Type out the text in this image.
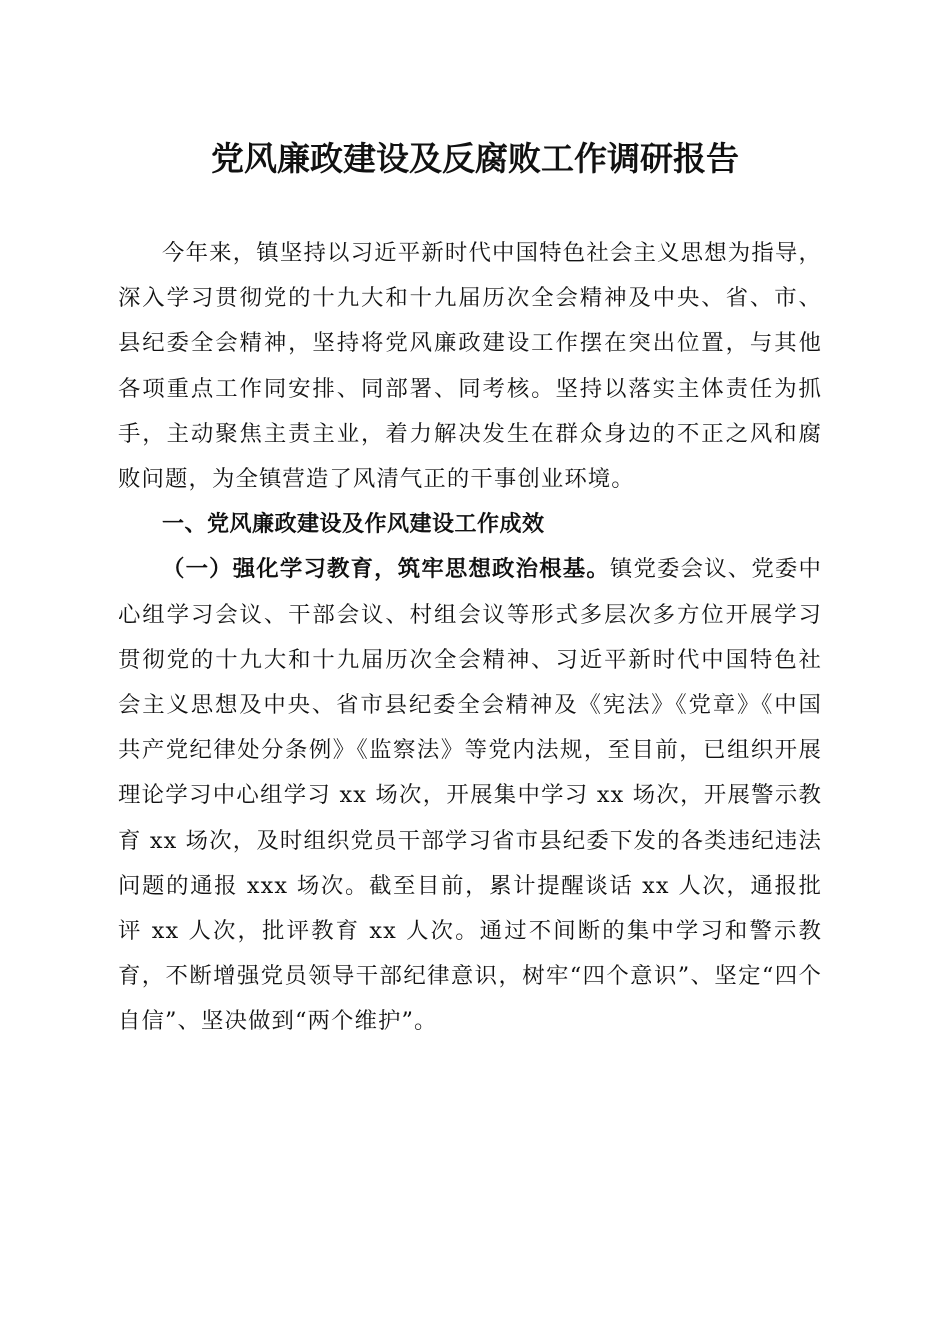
党风廉政建设及反腐败工作调研报告

今年来，镇坚持以习近平新时代中国特色社会主义思想为指导，深入学习贯彻党的十九大和十九届历次全会精神及中央、省、市、县纪委全会精神，坚持将党风廉政建设工作摆在突出位置，与其他各项重点工作同安排、同部署、同考核。坚持以落实主体责任为抓手，主动聚焦主责主业，着力解决发生在群众身边的不正之风和腐败问题，为全镇营造了风清气正的干事创业环境。

一、党风廉政建设及作风建设工作成效

（一）强化学习教育，筑牢思想政治根基。镇党委会议、党委中心组学习会议、干部会议、村组会议等形式多层次多方位开展学习贯彻党的十九大和十九届历次全会精神、习近平新时代中国特色社会主义思想及中央、省市县纪委全会精神及《宪法》《党章》《中国共产党纪律处分条例》《监察法》等党内法规，至目前，已组织开展理论学习中心组学习 xx 场次，开展集中学习 xx 场次，开展警示教育 xx 场次，及时组织党员干部学习省市县纪委下发的各类违纪违法问题的通报 xxx 场次。截至目前，累计提醒谈话 xx 人次，通报批评 xx 人次，批评教育 xx 人次。通过不间断的集中学习和警示教育，不断增强党员领导干部纪律意识，树牢“四个意识”、坚定“四个自信”、坚决做到“两个维护”。
